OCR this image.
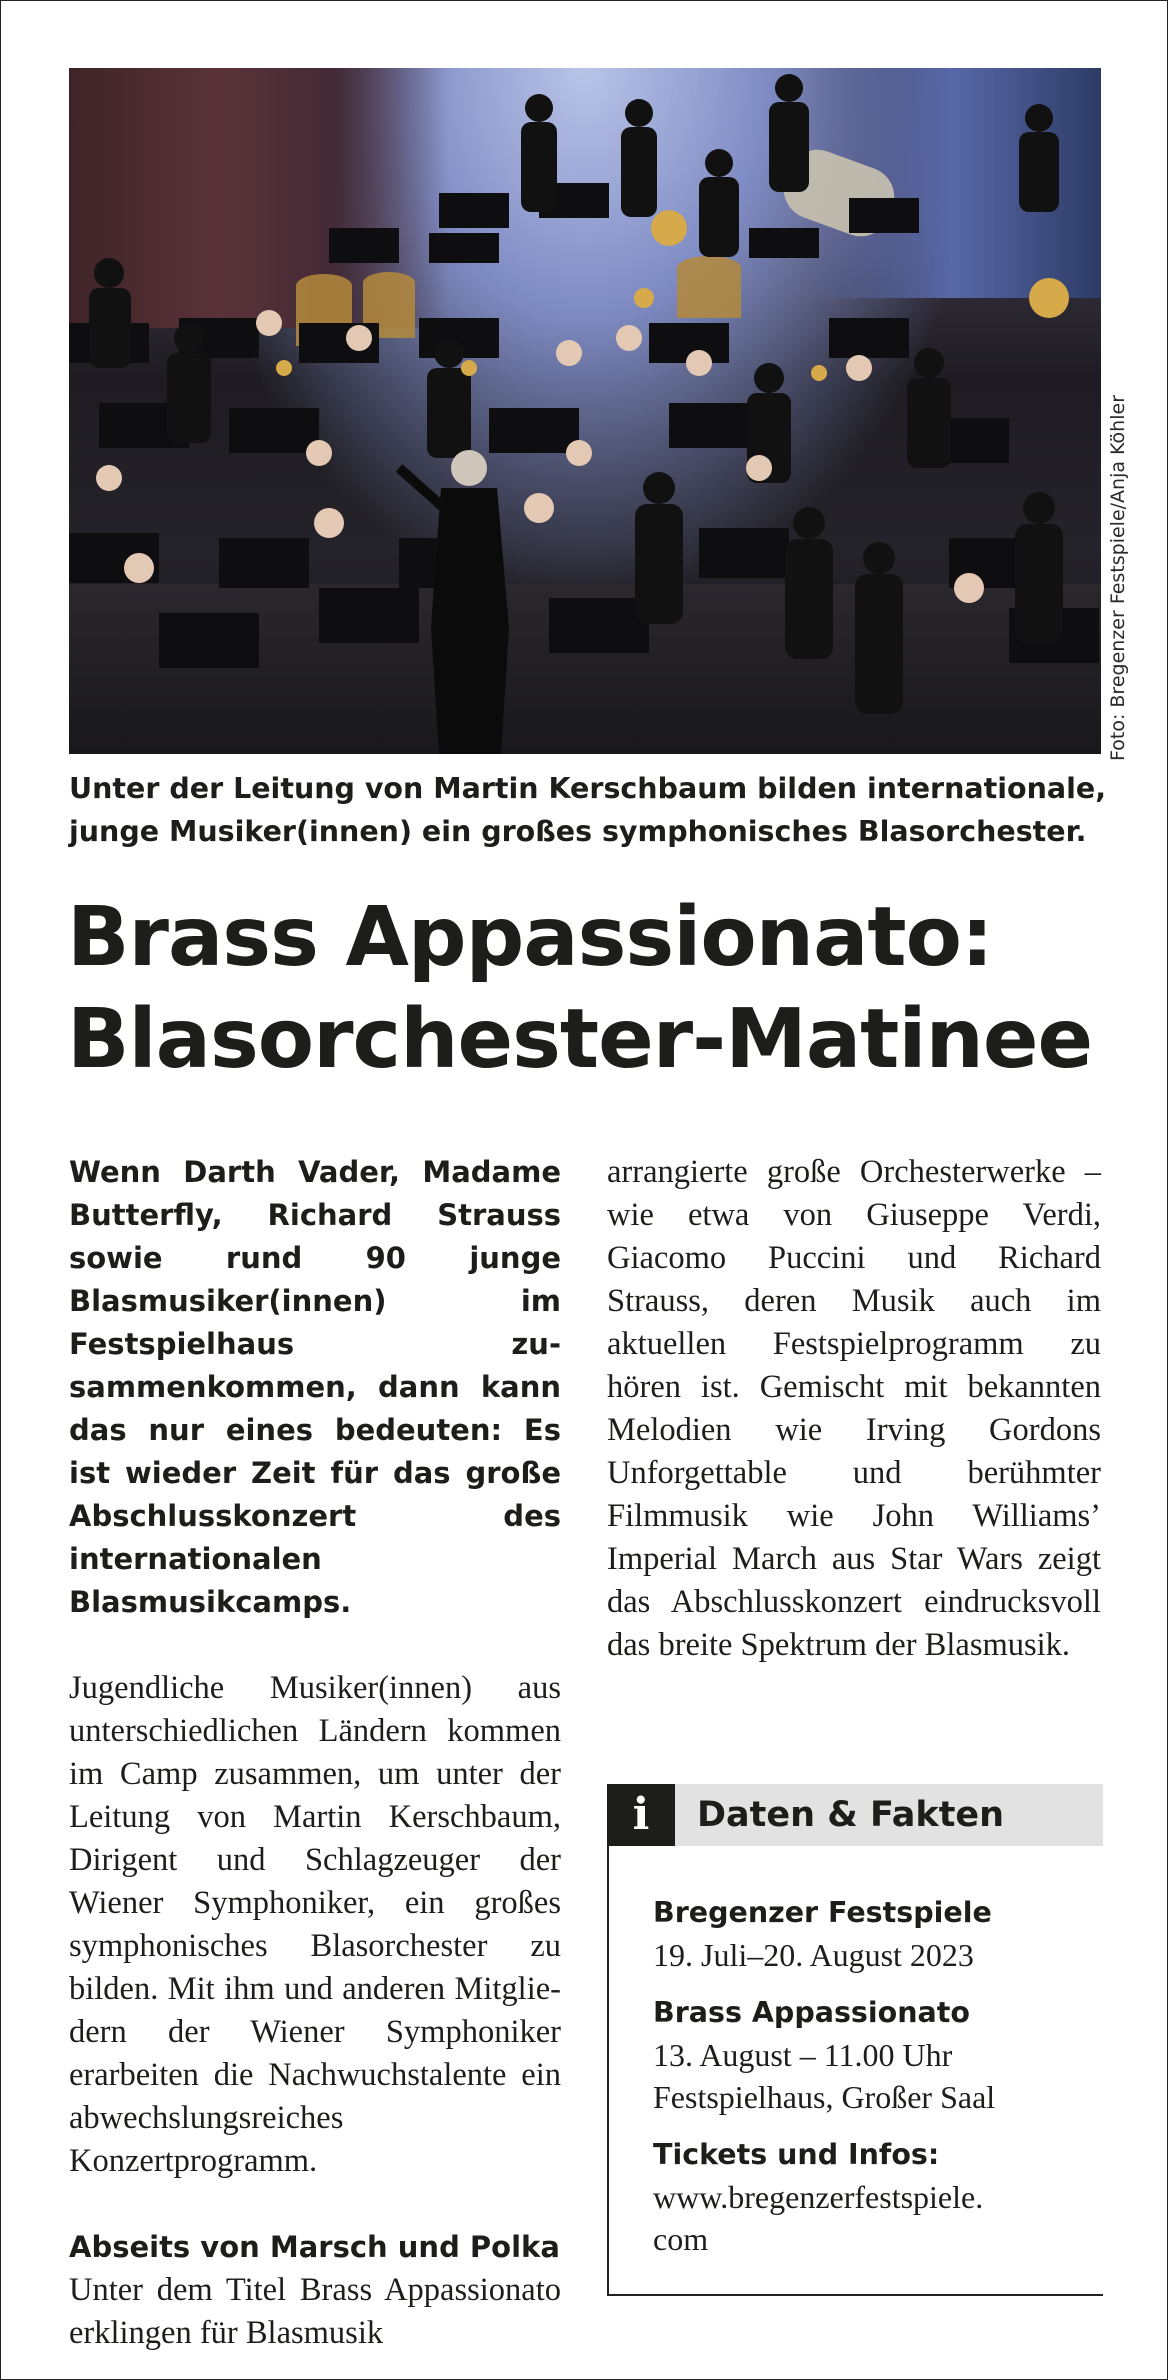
Foto: Bregenzer Festspiele/Anja Köhler
Unter der Leitung von Martin Kerschbaum bilden internationale, junge Musiker(innen) ein großes symphonisches Blasorchester.
Brass Appassionato:
Blasorchester-Matinee

Wenn Darth Vader, Madame Butterfly, Richard Strauss sowie rund 90 junge Blasmusiker(innen) im Festspielhaus zusammenkommen, dann kann das nur eines bedeuten: Es ist wieder Zeit für das große Abschlusskonzert des internationalen Blasmusikcamps.

Jugendliche Musiker(innen) aus unterschiedlichen Ländern kommen im Camp zusammen, um unter der Leitung von Martin Kerschbaum, Dirigent und Schlagzeuger der Wiener Symphoniker, ein großes symphonisches Blasorchester zu bilden. Mit ihm und anderen Mitgliedern der Wiener Symphoniker erarbeiten die Nachwuchstalente ein abwechslungsreiches Konzertprogramm.

Abseits von Marsch und Polka
Unter dem Titel Brass Appassionato erklingen für Blasmusik

arrangierte große Orchesterwerke – wie etwa von Giuseppe Verdi, Giacomo Puccini und Richard Strauss, deren Musik auch im aktuellen Festspielprogramm zu hören ist. Gemischt mit bekannten Melodien wie Irving Gordons Unforgettable und berühmter Filmmusik wie John Williams’ Imperial March aus Star Wars zeigt das Abschlusskonzert eindrucksvoll das breite Spektrum der Blasmusik.

i	Daten & Fakten
Bregenzer Festspiele
19. Juli–20. August 2023
Brass Appassionato
13. August – 11.00 Uhr
Festspielhaus, Großer Saal
Tickets und Infos:
www.bregenzerfestspiele.
com
